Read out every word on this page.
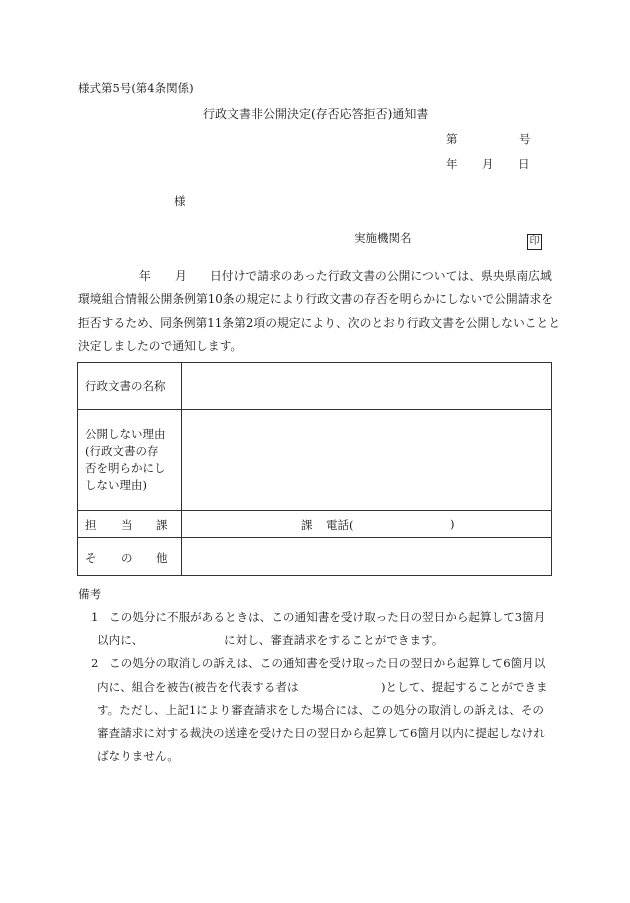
様式第5号(第4条関係)
行政文書非公開決定(存否応答拒否)通知書
第	号
年 月 日
様
実施機関名	印
年 月 日付けで請求のあった行政文書の公開については、県央県南広域
環境組合情報公開条例第10条の規定により行政文書の存否を明らかにしないで公開請求を
拒否するため、同条例第11条第2項の規定により、次のとおり行政文書を公開しないことと
決定しましたので通知します。
行政文書の名称	

公開しない理由
(行政文書の存
否を明らかにし
しない理由)	

担 当 課	課 電話( )

そ の 他	

備考
1 この処分に不服があるときは、この通知書を受け取った日の翌日から起算して3箇月
以内に、	に対し、審査請求をすることができます。
2 この処分の取消しの訴えは、この通知書を受け取った日の翌日から起算して6箇月以
内に、組合を被告(被告を代表する者は	)として、提起することができま
す。ただし、上記1により審査請求をした場合には、この処分の取消しの訴えは、その
審査請求に対する裁決の送達を受けた日の翌日から起算して6箇月以内に提起しなけれ
ばなりません。
